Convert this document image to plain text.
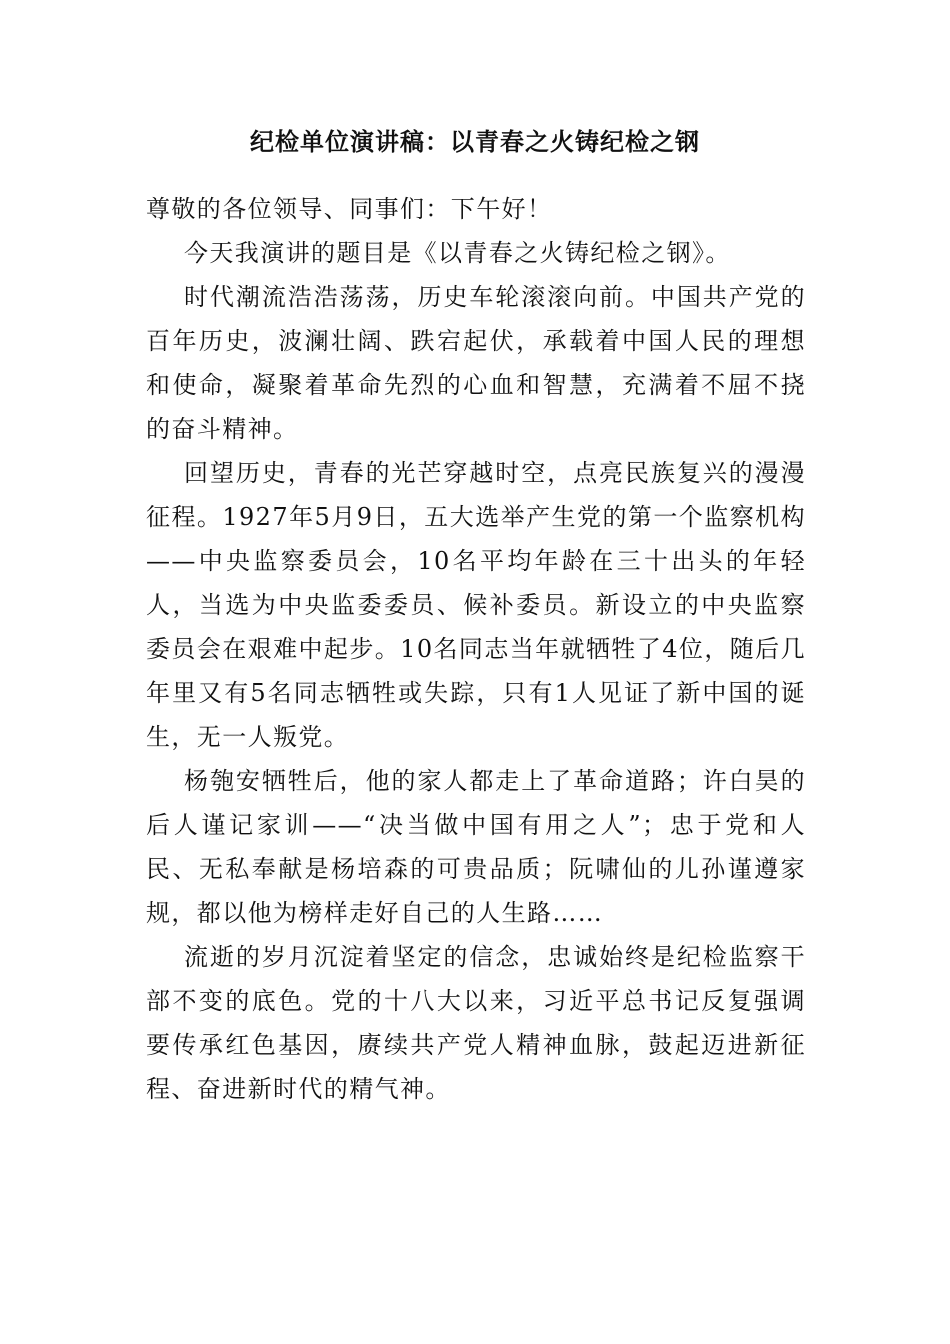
纪检单位演讲稿：以青春之火铸纪检之钢

尊敬的各位领导、同事们：下午好！

今天我演讲的题目是《以青春之火铸纪检之钢》。

时代潮流浩浩荡荡，历史车轮滚滚向前。中国共产党的百年历史，波澜壮阔、跌宕起伏，承载着中国人民的理想和使命，凝聚着革命先烈的心血和智慧，充满着不屈不挠的奋斗精神。

回望历史，青春的光芒穿越时空，点亮民族复兴的漫漫征程。1927年5月9日，五大选举产生党的第一个监察机构——中央监察委员会，10名平均年龄在三十出头的年轻人，当选为中央监委委员、候补委员。新设立的中央监察委员会在艰难中起步。10名同志当年就牺牲了4位，随后几年里又有5名同志牺牲或失踪，只有1人见证了新中国的诞生，无一人叛党。

杨匏安牺牲后，他的家人都走上了革命道路；许白昊的后人谨记家训——“决当做中国有用之人”；忠于党和人民、无私奉献是杨培森的可贵品质；阮啸仙的儿孙谨遵家规，都以他为榜样走好自己的人生路……

流逝的岁月沉淀着坚定的信念，忠诚始终是纪检监察干部不变的底色。党的十八大以来，习近平总书记反复强调要传承红色基因，赓续共产党人精神血脉，鼓起迈进新征程、奋进新时代的精气神。
